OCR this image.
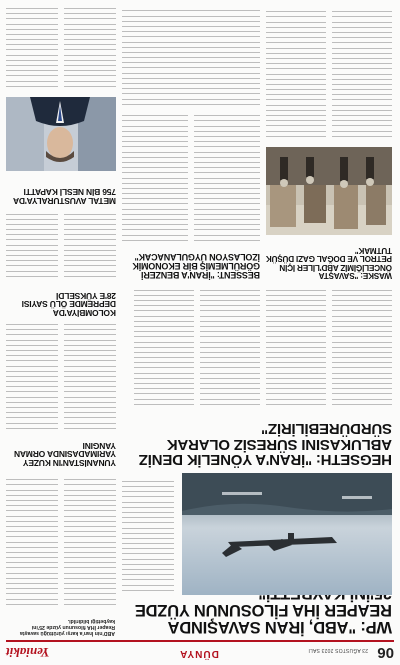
06
23 AĞUSTOS 2023 SALI
DÜNYA
Yeniakit
WP: "ABD, İRAN SAVAŞINDA REAPER İHA FİLOSUNUN YÜZDE
ABD'nin İran'a karşı yürüttüğü savaşta Reaper İHA filosunun yüzde 25'ini kaybettiği bildirildi.
HEGSETH: "İRAN'A YÖNELİK DENİZ ABLUKASINI SÜRESİZ OLARAK SÜRDÜREBİLİRİZ"
YUNANİSTAN'IN KUZEY YARIMADASINDA ORMAN YANGINI
KOLOMBİYA'DA DEPREMDE ÖLÜ SAYISI 28'E YÜKSELDİ
METAL AVUSTURALYA'DA 756 BİN NESLİ KAPATTI
BESSENT: "İRAN'A BENZERİ GÖRÜLMEMİŞ BİR EKONOMİK İZOLASYON UYGULANACAK"
WASKE: "SAVAŞTA ÖNCELİĞİMİZ ABD'LİLER İÇİN PETROL VE DOĞAL GAZI DÜŞÜK TUTMAK"
